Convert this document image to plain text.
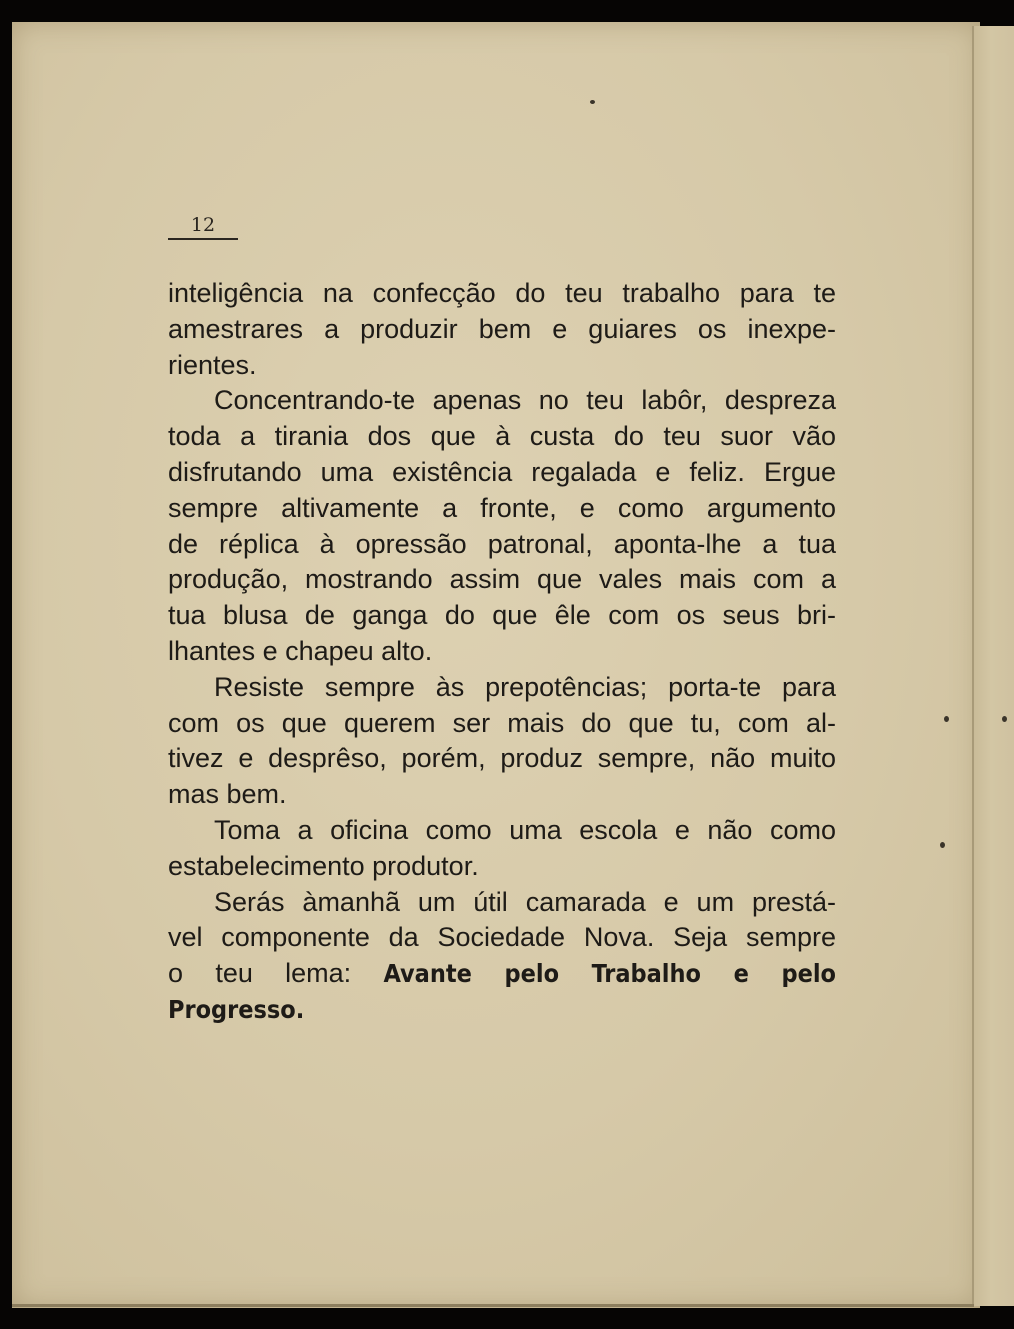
12
inteligência na confecção do teu trabalho para te
amestrares a produzir bem e guiares os inexpe-
rientes.
Concentrando-te apenas no teu labôr, despreza
toda a tirania dos que à custa do teu suor vão
disfrutando uma existência regalada e feliz. Ergue
sempre altivamente a fronte, e como argumento
de réplica à opressão patronal, aponta-lhe a tua
produção, mostrando assim que vales mais com a
tua blusa de ganga do que êle com os seus bri-
lhantes e chapeu alto.
Resiste sempre às prepotências; porta-te para
com os que querem ser mais do que tu, com al-
tivez e desprêso, porém, produz sempre, não muito
mas bem.
Toma a oficina como uma escola e não como
estabelecimento produtor.
Serás àmanhã um útil camarada e um prestá-
vel componente da Sociedade Nova. Seja sempre
o teu lema: Avante pelo Trabalho e pelo
Progresso.
